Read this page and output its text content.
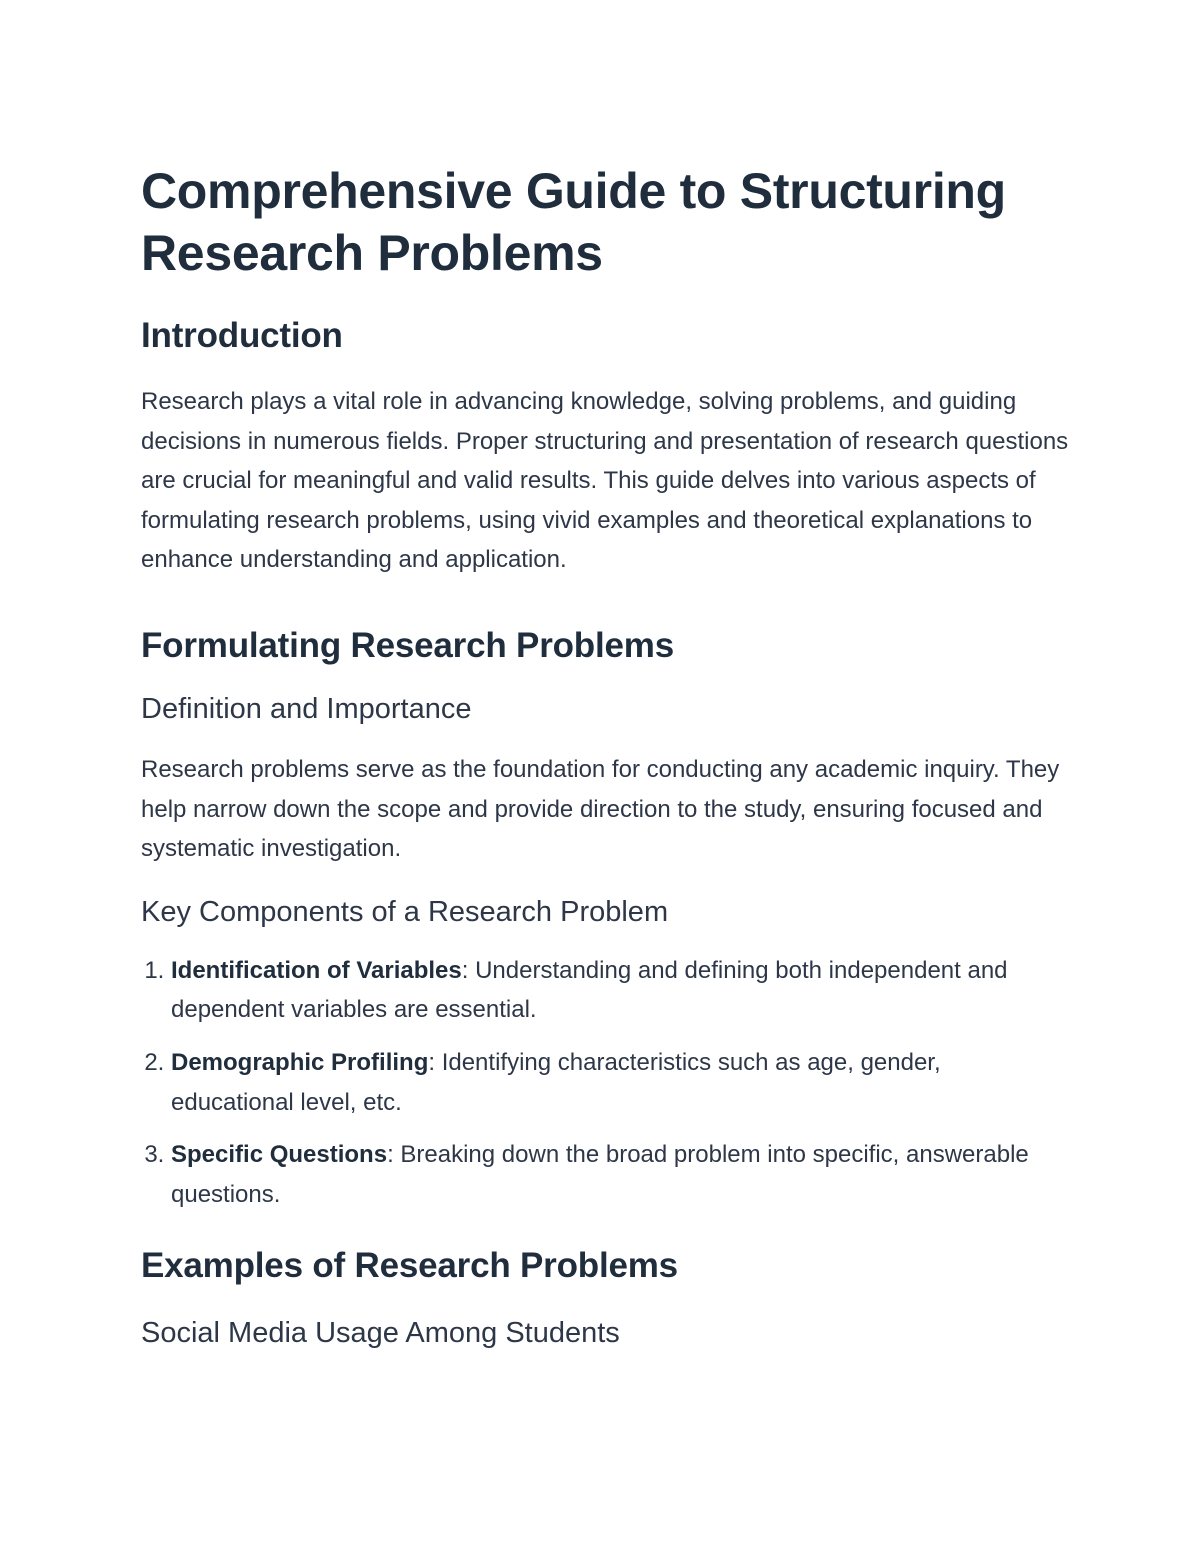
Comprehensive Guide to Structuring Research Problems
Introduction

Research plays a vital role in advancing knowledge, solving problems, and guiding decisions in numerous fields. Proper structuring and presentation of research questions are crucial for meaningful and valid results. This guide delves into various aspects of formulating research problems, using vivid examples and theoretical explanations to enhance understanding and application.

Formulating Research Problems
Definition and Importance

Research problems serve as the foundation for conducting any academic inquiry. They help narrow down the scope and provide direction to the study, ensuring focused and systematic investigation.

Key Components of a Research Problem
1. Identification of Variables: Understanding and defining both independent and dependent variables are essential.
2. Demographic Profiling: Identifying characteristics such as age, gender, educational level, etc.
3. Specific Questions: Breaking down the broad problem into specific, answerable questions.
Examples of Research Problems
Social Media Usage Among Students
